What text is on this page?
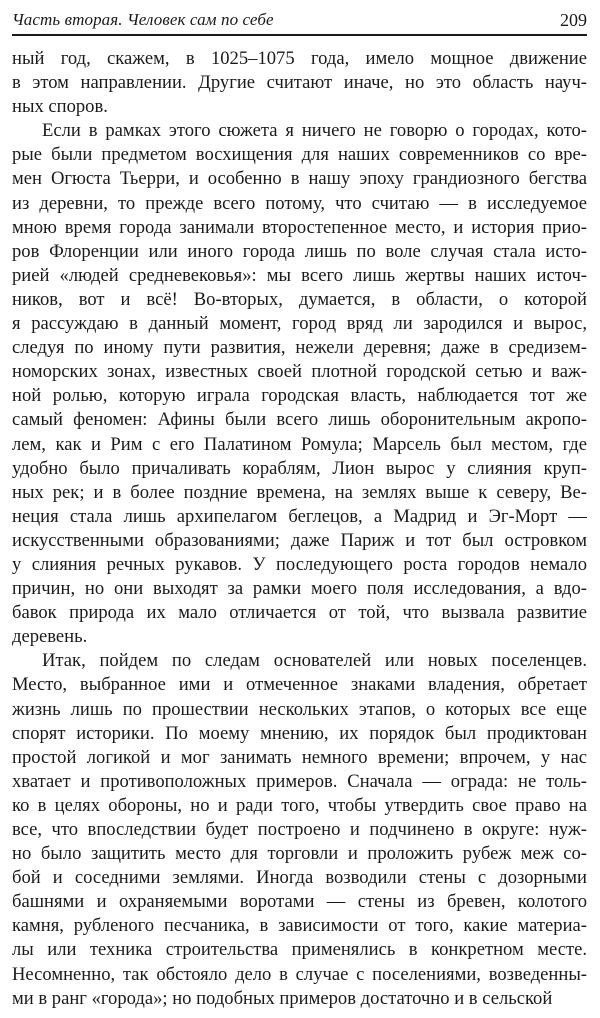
Часть вторая. Человек сам по себе	209
ный год, скажем, в 1025–1075 года, имело мощное движение
в этом направлении. Другие считают иначе, но это область науч-
ных споров.
Если в рамках этого сюжета я ничего не говорю о городах, кото-
рые были предметом восхищения для наших современников со вре-
мен Огюста Тьерри, и особенно в нашу эпоху грандиозного бегства
из деревни, то прежде всего потому, что считаю — в исследуемое
мною время города занимали второстепенное место, и история прио-
ров Флоренции или иного города лишь по воле случая стала исто-
рией «людей средневековья»: мы всего лишь жертвы наших источ-
ников, вот и всё! Во-вторых, думается, в области, о которой
я рассуждаю в данный момент, город вряд ли зародился и вырос,
следуя по иному пути развития, нежели деревня; даже в средизем-
номорских зонах, известных своей плотной городской сетью и важ-
ной ролью, которую играла городская власть, наблюдается тот же
самый феномен: Афины были всего лишь оборонительным акропо-
лем, как и Рим с его Палатином Ромула; Марсель был местом, где
удобно было причаливать кораблям, Лион вырос у слияния круп-
ных рек; и в более поздние времена, на землях выше к северу, Ве-
неция стала лишь архипелагом беглецов, а Мадрид и Эг-Морт —
искусственными образованиями; даже Париж и тот был островком
у слияния речных рукавов. У последующего роста городов немало
причин, но они выходят за рамки моего поля исследования, а вдо-
бавок природа их мало отличается от той, что вызвала развитие
деревень.
Итак, пойдем по следам основателей или новых поселенцев.
Место, выбранное ими и отмеченное знаками владения, обретает
жизнь лишь по прошествии нескольких этапов, о которых все еще
спорят историки. По моему мнению, их порядок был продиктован
простой логикой и мог занимать немного времени; впрочем, у нас
хватает и противоположных примеров. Сначала — ограда: не толь-
ко в целях обороны, но и ради того, чтобы утвердить свое право на
все, что впоследствии будет построено и подчинено в округе: нуж-
но было защитить место для торговли и проложить рубеж меж со-
бой и соседними землями. Иногда возводили стены с дозорными
башнями и охраняемыми воротами — стены из бревен, колотого
камня, рубленого песчаника, в зависимости от того, какие материа-
лы или техника строительства применялись в конкретном месте.
Несомненно, так обстояло дело в случае с поселениями, возведенны-
ми в ранг «города»; но подобных примеров достаточно и в сельской
